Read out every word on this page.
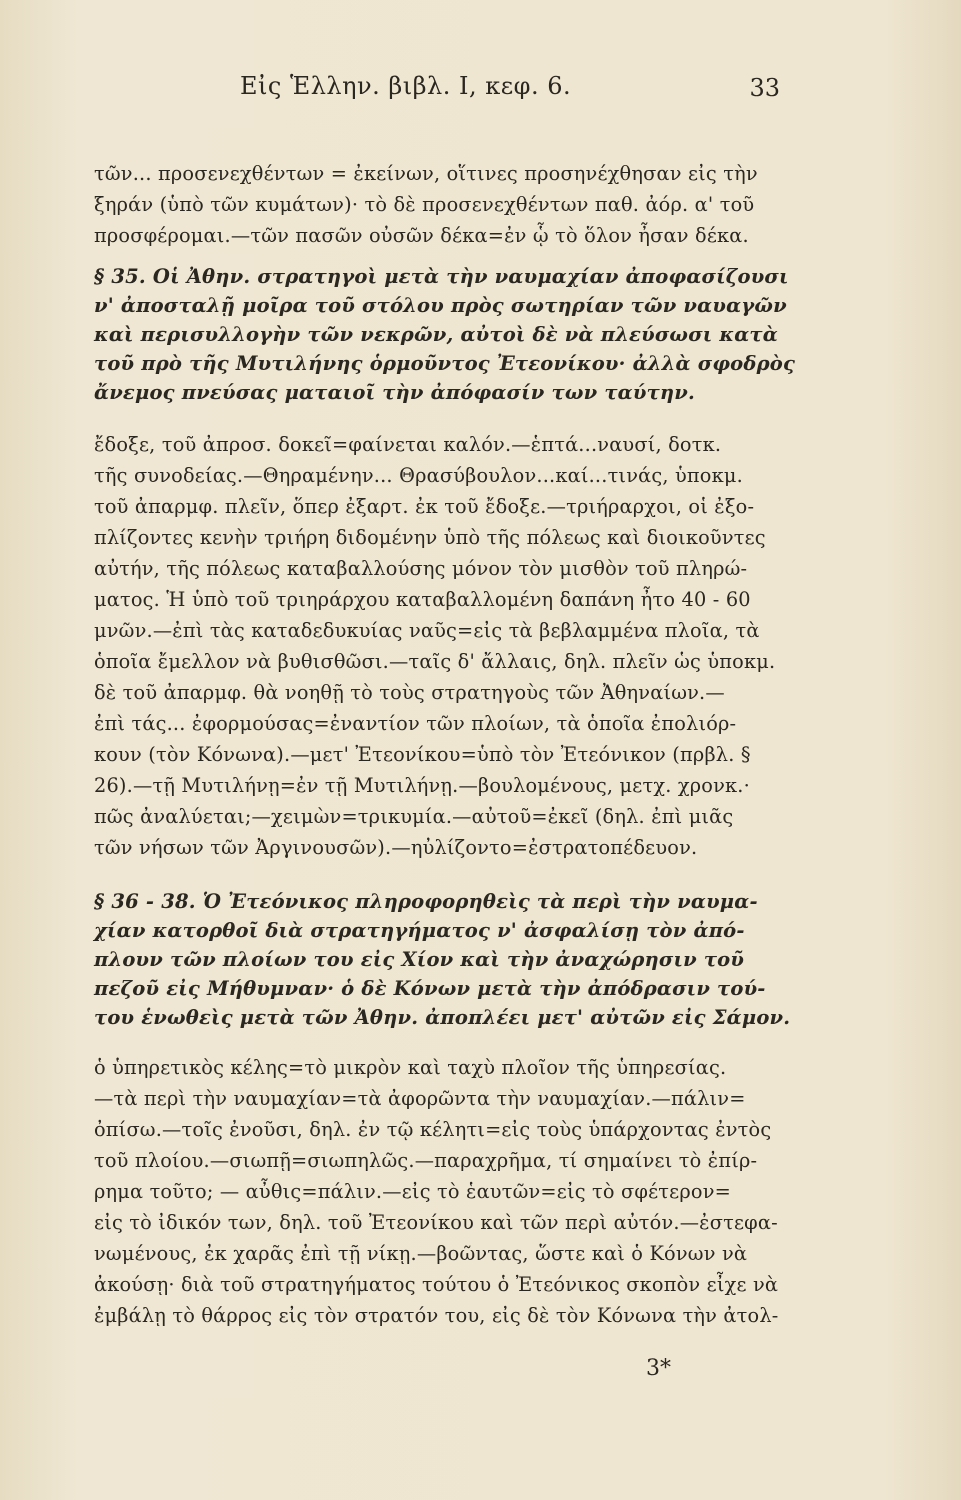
Εἰς Ἑλλην. βιβλ. Ι, κεφ. 6.	33
τῶν... προσενεχθέντων = ἐκείνων, οἵτινες προσηνέχθησαν εἰς τὴν
ξηράν (ὑπὸ τῶν κυμάτων)· τὸ δὲ προσενεχθέντων παθ. ἀόρ. α' τοῦ
προσφέρομαι.—τῶν πασῶν οὐσῶν δέκα=ἐν ᾧ τὸ ὅλον ἦσαν δέκα.
§ 35. Οἱ Ἀθην. στρατηγοὶ μετὰ τὴν ναυμαχίαν ἀποφασίζουσι
ν' ἀποσταλῇ μοῖρα τοῦ στόλου πρὸς σωτηρίαν τῶν ναυαγῶν
καὶ περισυλλογὴν τῶν νεκρῶν, αὐτοὶ δὲ νὰ πλεύσωσι κατὰ
τοῦ πρὸ τῆς Μυτιλήνης ὁρμοῦντος Ἐτεονίκου· ἀλλὰ σφοδρὸς
ἄνεμος πνεύσας ματαιοῖ τὴν ἀπόφασίν των ταύτην.
ἔδοξε, τοῦ ἀπροσ. δοκεῖ=φαίνεται καλόν.—ἑπτά...ναυσί, δοτκ.
τῆς συνοδείας.—Θηραμένην... Θρασύβουλον...καί...τινάς, ὑποκμ.
τοῦ ἀπαρμφ. πλεῖν, ὅπερ ἐξαρτ. ἐκ τοῦ ἔδοξε.—τριήραρχοι, οἱ ἐξο-
πλίζοντες κενὴν τριήρη διδομένην ὑπὸ τῆς πόλεως καὶ διοικοῦντες
αὐτήν, τῆς πόλεως καταβαλλούσης μόνον τὸν μισθὸν τοῦ πληρώ-
ματος. Ἡ ὑπὸ τοῦ τριηράρχου καταβαλλομένη δαπάνη ἦτο 40 - 60
μνῶν.—ἐπὶ τὰς καταδεδυκυίας ναῦς=εἰς τὰ βεβλαμμένα πλοῖα, τὰ
ὁποῖα ἔμελλον νὰ βυθισθῶσι.—ταῖς δ' ἄλλαις, δηλ. πλεῖν ὡς ὑποκμ.
δὲ τοῦ ἀπαρμφ. θὰ νοηθῇ τὸ τοὺς στρατηγοὺς τῶν Ἀθηναίων.—
ἐπὶ τάς... ἐφορμούσας=ἐναντίον τῶν πλοίων, τὰ ὁποῖα ἐπολιόρ-
κουν (τὸν Κόνωνα).—μετ' Ἐτεονίκου=ὑπὸ τὸν Ἐτεόνικον (πρβλ. §
26).—τῇ Μυτιλήνῃ=ἐν τῇ Μυτιλήνῃ.—βουλομένους, μετχ. χρονκ.·
πῶς ἀναλύεται;—χειμὼν=τρικυμία.—αὐτοῦ=ἐκεῖ (δηλ. ἐπὶ μιᾶς
τῶν νήσων τῶν Ἀργινουσῶν).—ηὐλίζοντο=ἐστρατοπέδευον.
§ 36 - 38. Ὁ Ἐτεόνικος πληροφορηθεὶς τὰ περὶ τὴν ναυμα-
χίαν κατορθοῖ διὰ στρατηγήματος ν' ἀσφαλίσῃ τὸν ἀπό-
πλουν τῶν πλοίων του εἰς Χίον καὶ τὴν ἀναχώρησιν τοῦ
πεζοῦ εἰς Μήθυμναν· ὁ δὲ Κόνων μετὰ τὴν ἀπόδρασιν τού-
του ἑνωθεὶς μετὰ τῶν Ἀθην. ἀποπλέει μετ' αὐτῶν εἰς Σάμον.
ὁ ὑπηρετικὸς κέλης=τὸ μικρὸν καὶ ταχὺ πλοῖον τῆς ὑπηρεσίας.
—τὰ περὶ τὴν ναυμαχίαν=τὰ ἀφορῶντα τὴν ναυμαχίαν.—πάλιν=
ὀπίσω.—τοῖς ἐνοῦσι, δηλ. ἐν τῷ κέλητι=εἰς τοὺς ὑπάρχοντας ἐντὸς
τοῦ πλοίου.—σιωπῇ=σιωπηλῶς.—παραχρῆμα, τί σημαίνει τὸ ἐπίρ-
ρημα τοῦτο; — αὖθις=πάλιν.—εἰς τὸ ἑαυτῶν=εἰς τὸ σφέτερον=
εἰς τὸ ἰδικόν των, δηλ. τοῦ Ἐτεονίκου καὶ τῶν περὶ αὐτόν.—ἐστεφα-
νωμένους, ἐκ χαρᾶς ἐπὶ τῇ νίκῃ.—βοῶντας, ὥστε καὶ ὁ Κόνων νὰ
ἀκούσῃ· διὰ τοῦ στρατηγήματος τούτου ὁ Ἐτεόνικος σκοπὸν εἶχε νὰ
ἐμβάλῃ τὸ θάρρος εἰς τὸν στρατόν του, εἰς δὲ τὸν Κόνωνα τὴν ἀτολ-
3*
